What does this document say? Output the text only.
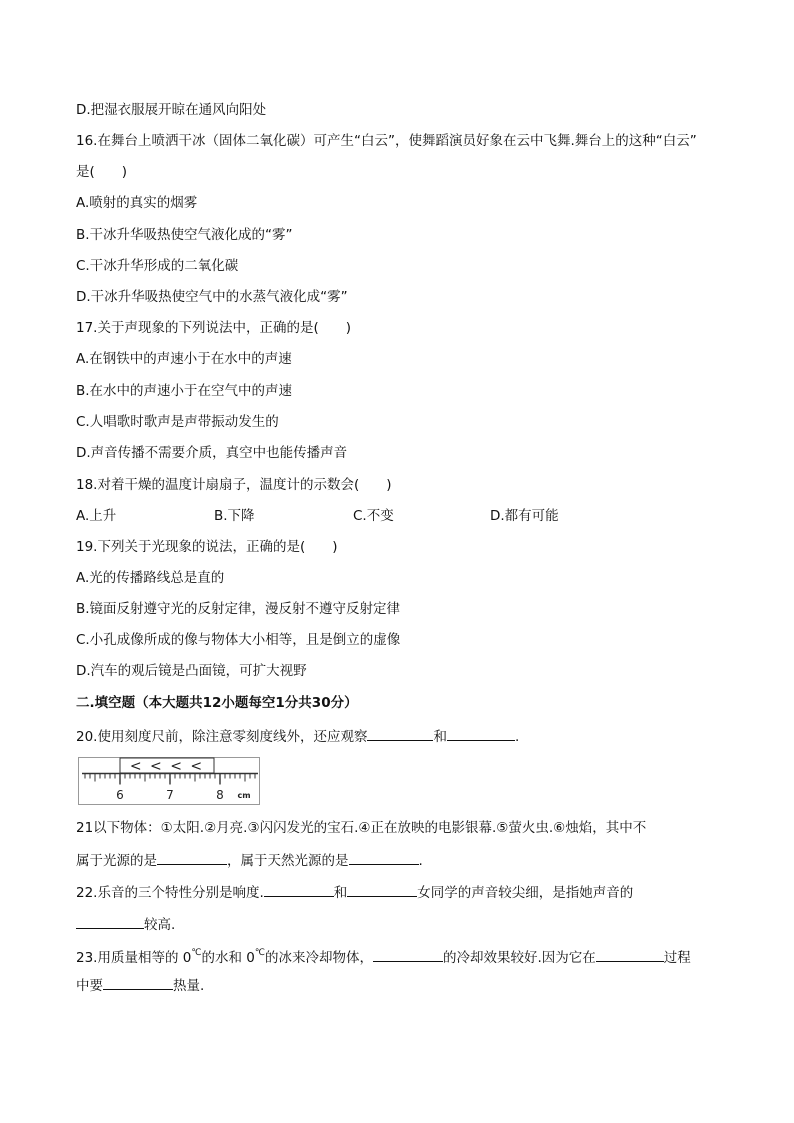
D.把湿衣服展开晾在通风向阳处
16.在舞台上喷洒干冰（固体二氧化碳）可产生“白云”，使舞蹈演员好象在云中飞舞.舞台上的这种“白云”
是(　　)
A.喷射的真实的烟雾
B.干冰升华吸热使空气液化成的“雾”
C.干冰升华形成的二氧化碳
D.干冰升华吸热使空气中的水蒸气液化成“雾”
17.关于声现象的下列说法中，正确的是(　　)
A.在钢铁中的声速小于在水中的声速
B.在水中的声速小于在空气中的声速
C.人唱歌时歌声是声带振动发生的
D.声音传播不需要介质，真空中也能传播声音
18.对着干燥的温度计扇扇子，温度计的示数会(　　)
A.上升	B.下降	C.不变	D.都有可能
19.下列关于光现象的说法，正确的是(　　)
A.光的传播路线总是直的
B.镜面反射遵守光的反射定律，漫反射不遵守反射定律
C.小孔成像所成的像与物体大小相等，且是倒立的虚像
D.汽车的观后镜是凸面镜，可扩大视野
二.填空题（本大题共12小题每空1分共30分）
20.使用刻度尺前，除注意零刻度线外，还应观察	和	.
< < < <
6	7	8 cm
21以下物体：①太阳.②月亮.③闪闪发光的宝石.④正在放映的电影银幕.⑤萤火虫.⑥烛焰，其中不
属于光源的是	，属于天然光源的是	.
22.乐音的三个特性分别是响度.	和	女同学的声音较尖细，是指她声音的
较高.
23.用质量相等的 0℃的水和 0℃的冰来冷却物体，	的冷却效果较好.因为它在	过程
中要	热量.
